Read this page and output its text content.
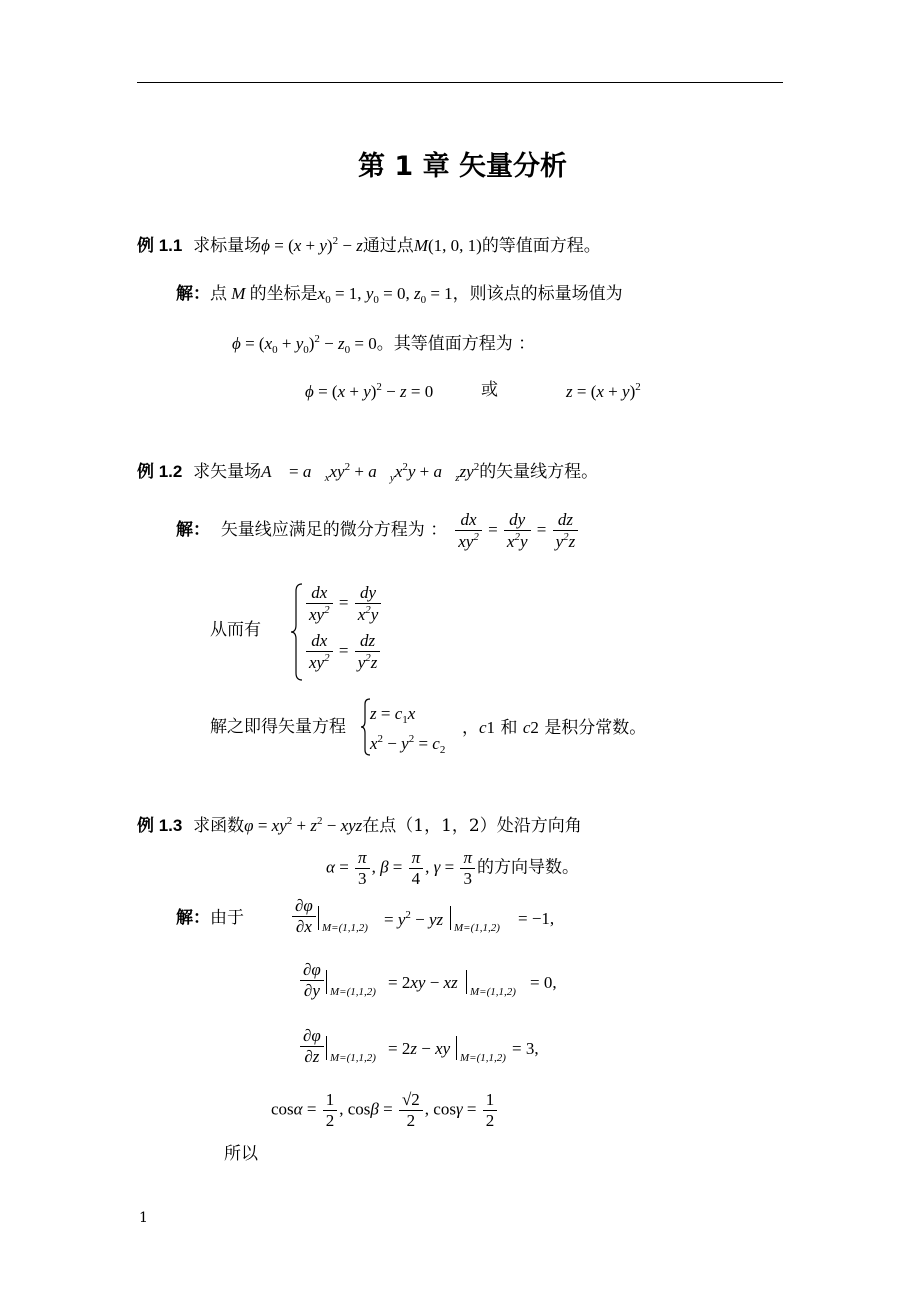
第 1 章 矢量分析
例 1.1 求标量场$\phi = (x + y)^2 - z$通过点M(1, 0, 1)的等值面方程。
解：点 M 的坐标是$x_0 = 1$, $y_0 = 0$, $z_0 = 1$，则该点的标量场值为
$\phi = (x_0 + y_0)^2 - z_0 = 0$。其等值面方程为 ：
$\phi = (x + y)^2 - z = 0$	或	$z = (x + y)^2$
例 1.2 求矢量场A⃗ = $a⃗_xxy^2$ + $a⃗_yx^2y$ + $a⃗_zzy^2$的矢量线方程。
解： 矢量线应满足的微分方程为 ： $\frac{dx}{xy^2} = \frac{dy}{x^2y} = \frac{dz}{y^2z}$
从而有
$\frac{dx}{xy^2} = \frac{dy}{x^2y}$
$\frac{dx}{xy^2} = \frac{dz}{y^2z}$
解之即得矢量方程
$z = c_1x$
$x^2 - y^2 = c_2$
，c1 和 c2 是积分常数。
例 1.3 求函数$\varphi = xy^2 + z^2$ − xyz在点（1，1，2）处沿方向角
$\alpha = \frac{\pi}{3}$ , $\beta = \frac{\pi}{4}$ , $\gamma = \frac{\pi}{3}$ 的方向导数。
解：由于	$\frac{\partial\varphi}{\partial x} M=(1,1,2) = y^2$ − yz M=(1,1,2) = −1,
$\frac{\partial\varphi}{\partial y} M=(1,1,2) = 2xy$ − xz M=(1,1,2) = 0,
$\frac{\partial\varphi}{\partial z} M=(1,1,2) = 2z$ − xy M=(1,1,2) = 3,
$\cos\alpha = \frac{1}{2}$ , $\cos\beta = \frac{√2}{2}$ , $\cos\gamma = \frac{1}{2}$
所以
1
